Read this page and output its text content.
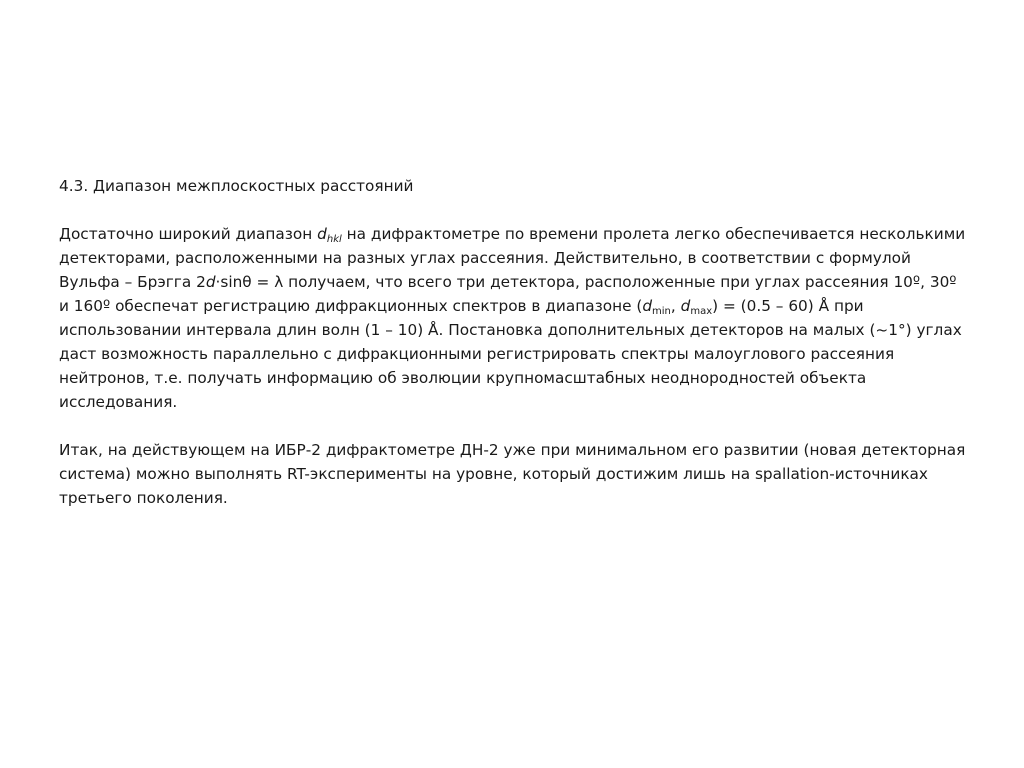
4.3. Диапазон межплоскостных расстояний

Достаточно широкий диапазон $d_{hkl}$ на дифрактометре по времени пролета легко обеспечивается несколькими детекторами, расположенными на разных углах рассеяния. Действительно, в соответствии с формулой Вульфа – Брэгга 2d·sinθ = λ получаем, что всего три детектора, расположенные при углах рассеяния 10º, 30º и 160º обеспечат регистрацию дифракционных спектров в диапазоне ($d_{min}$, $d_{max}) = (0.5 - 60)$ Å при использовании интервала длин волн (1 – 10) Å. Постановка дополнительных детекторов на малых (~1°) углах даст возможность параллельно с дифракционными регистрировать спектры малоуглового рассеяния нейтронов, т.е. получать информацию об эволюции крупномасштабных неоднородностей объекта исследования.

Итак, на действующем на ИБР-2 дифрактометре ДН-2 уже при минимальном его развитии (новая детекторная система) можно выполнять RT-эксперименты на уровне, который достижим лишь на spallation-источниках третьего поколения.
